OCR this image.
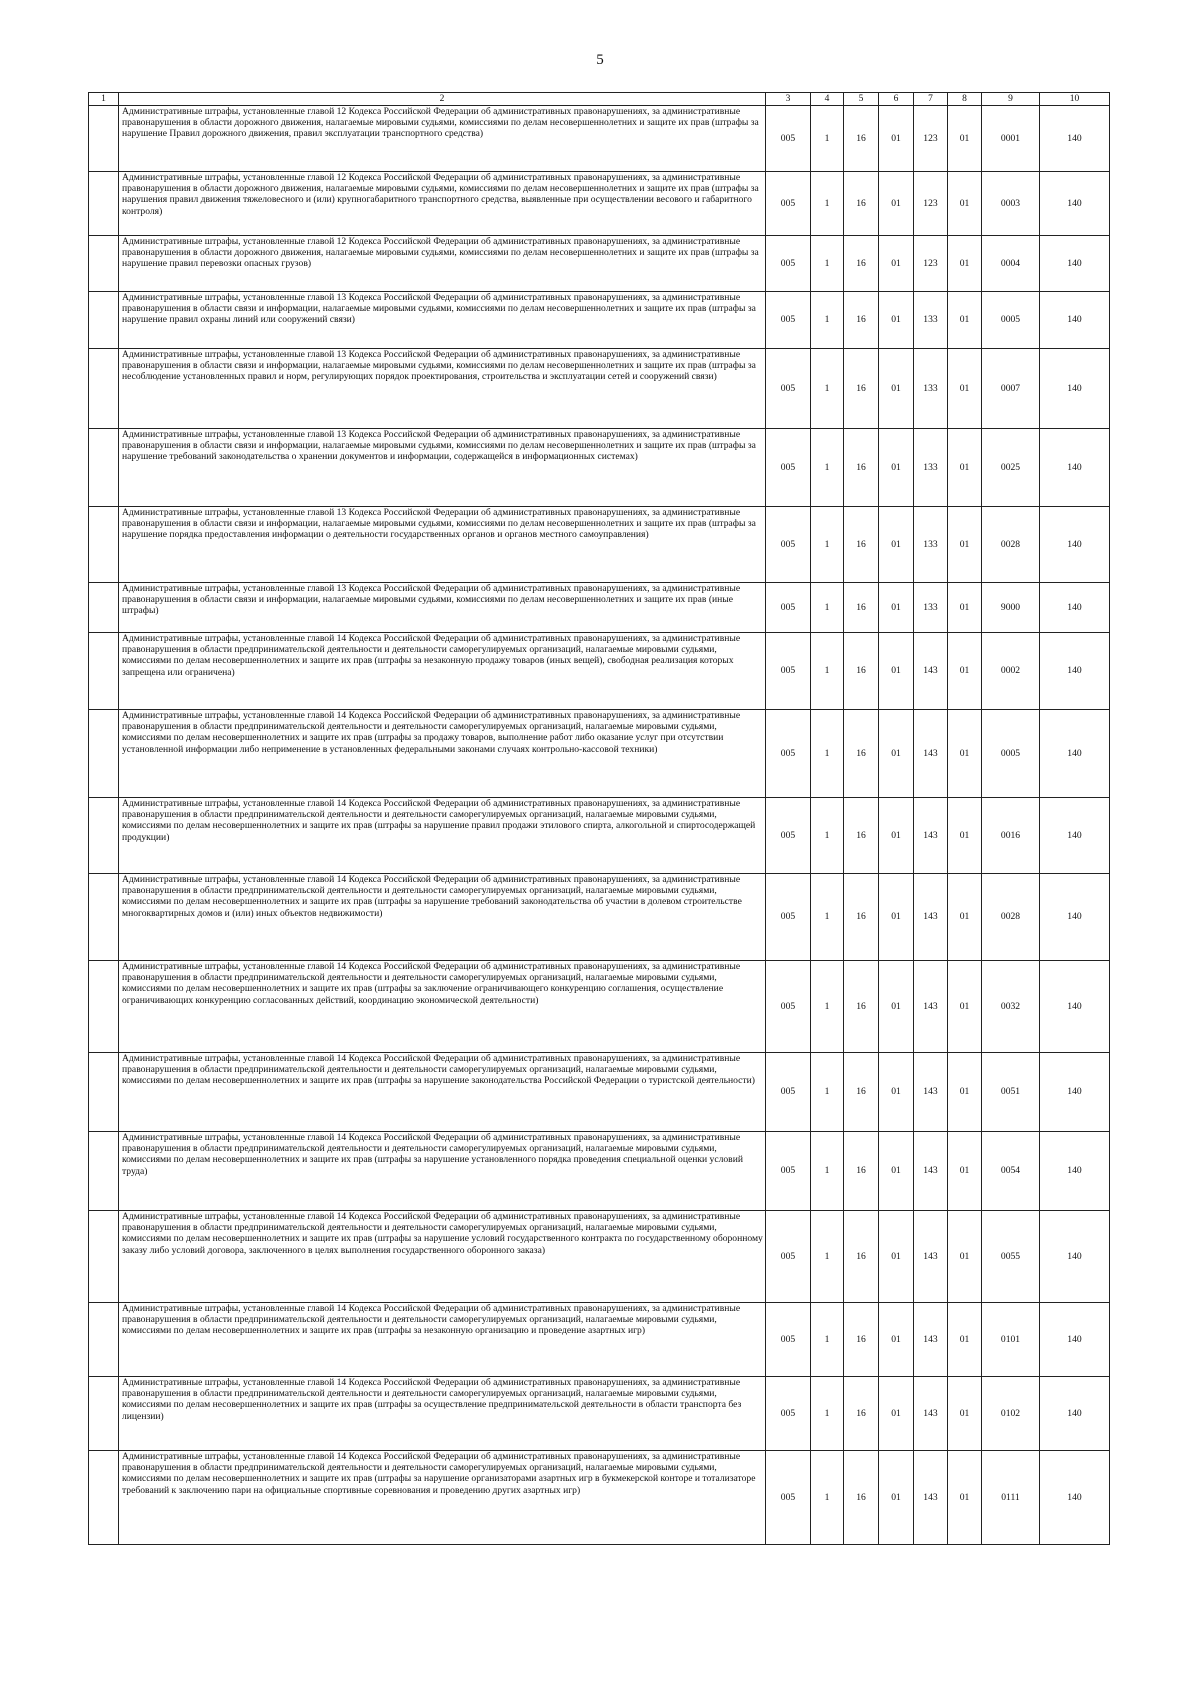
5
1	2	3	4	5	6	7	8	9	10
	Административные штрафы, установленные главой 12 Кодекса Российской Федерации об административных правонарушениях, за административные правонарушения в области дорожного движения, налагаемые мировыми судьями, комиссиями по делам несовершеннолетних и защите их прав (штрафы за нарушение Правил дорожного движения, правил эксплуатации транспортного средства)	005	1	16	01	123	01	0001	140
	Административные штрафы, установленные главой 12 Кодекса Российской Федерации об административных правонарушениях, за административные правонарушения в области дорожного движения, налагаемые мировыми судьями, комиссиями по делам несовершеннолетних и защите их прав (штрафы за нарушения правил движения тяжеловесного и (или) крупногабаритного транспортного средства, выявленные при осуществлении весового и габаритного контроля)	005	1	16	01	123	01	0003	140
	Административные штрафы, установленные главой 12 Кодекса Российской Федерации об административных правонарушениях, за административные правонарушения в области дорожного движения, налагаемые мировыми судьями, комиссиями по делам несовершеннолетних и защите их прав (штрафы за нарушение правил перевозки опасных грузов)	005	1	16	01	123	01	0004	140
	Административные штрафы, установленные главой 13 Кодекса Российской Федерации об административных правонарушениях, за административные правонарушения в области связи и информации, налагаемые мировыми судьями, комиссиями по делам несовершеннолетних и защите их прав (штрафы за нарушение правил охраны линий или сооружений связи)	005	1	16	01	133	01	0005	140
	Административные штрафы, установленные главой 13 Кодекса Российской Федерации об административных правонарушениях, за административные правонарушения в области связи и информации, налагаемые мировыми судьями, комиссиями по делам несовершеннолетних и защите их прав (штрафы за несоблюдение установленных правил и норм, регулирующих порядок проектирования, строительства и эксплуатации сетей и сооружений связи)	005	1	16	01	133	01	0007	140
	Административные штрафы, установленные главой 13 Кодекса Российской Федерации об административных правонарушениях, за административные правонарушения в области связи и информации, налагаемые мировыми судьями, комиссиями по делам несовершеннолетних и защите их прав (штрафы за нарушение требований законодательства о хранении документов и информации, содержащейся в информационных системах)	005	1	16	01	133	01	0025	140
	Административные штрафы, установленные главой 13 Кодекса Российской Федерации об административных правонарушениях, за административные правонарушения в области связи и информации, налагаемые мировыми судьями, комиссиями по делам несовершеннолетних и защите их прав (штрафы за нарушение порядка предоставления информации о деятельности государственных органов и органов местного самоуправления)	005	1	16	01	133	01	0028	140
	Административные штрафы, установленные главой 13 Кодекса Российской Федерации об административных правонарушениях, за административные правонарушения в области связи и информации, налагаемые мировыми судьями, комиссиями по делам несовершеннолетних и защите их прав (иные штрафы)	005	1	16	01	133	01	9000	140
	Административные штрафы, установленные главой 14 Кодекса Российской Федерации об административных правонарушениях, за административные правонарушения в области предпринимательской деятельности и деятельности саморегулируемых организаций, налагаемые мировыми судьями, комиссиями по делам несовершеннолетних и защите их прав (штрафы за незаконную продажу товаров (иных вещей), свободная реализация которых запрещена или ограничена)	005	1	16	01	143	01	0002	140
	Административные штрафы, установленные главой 14 Кодекса Российской Федерации об административных правонарушениях, за административные правонарушения в области предпринимательской деятельности и деятельности саморегулируемых организаций, налагаемые мировыми судьями, комиссиями по делам несовершеннолетних и защите их прав (штрафы за продажу товаров, выполнение работ либо оказание услуг при отсутствии установленной информации либо неприменение в установленных федеральными законами случаях контрольно-кассовой техники)	005	1	16	01	143	01	0005	140
	Административные штрафы, установленные главой 14 Кодекса Российской Федерации об административных правонарушениях, за административные правонарушения в области предпринимательской деятельности и деятельности саморегулируемых организаций, налагаемые мировыми судьями, комиссиями по делам несовершеннолетних и защите их прав (штрафы за нарушение правил продажи этилового спирта, алкогольной и спиртосодержащей продукции)	005	1	16	01	143	01	0016	140
	Административные штрафы, установленные главой 14 Кодекса Российской Федерации об административных правонарушениях, за административные правонарушения в области предпринимательской деятельности и деятельности саморегулируемых организаций, налагаемые мировыми судьями, комиссиями по делам несовершеннолетних и защите их прав (штрафы за нарушение требований законодательства об участии в долевом строительстве многоквартирных домов и (или) иных объектов недвижимости)	005	1	16	01	143	01	0028	140
	Административные штрафы, установленные главой 14 Кодекса Российской Федерации об административных правонарушениях, за административные правонарушения в области предпринимательской деятельности и деятельности саморегулируемых организаций, налагаемые мировыми судьями, комиссиями по делам несовершеннолетних и защите их прав (штрафы за заключение ограничивающего конкуренцию соглашения, осуществление ограничивающих конкуренцию согласованных действий, координацию экономической деятельности)	005	1	16	01	143	01	0032	140
	Административные штрафы, установленные главой 14 Кодекса Российской Федерации об административных правонарушениях, за административные правонарушения в области предпринимательской деятельности и деятельности саморегулируемых организаций, налагаемые мировыми судьями, комиссиями по делам несовершеннолетних и защите их прав (штрафы за нарушение законодательства Российской Федерации о туристской деятельности)	005	1	16	01	143	01	0051	140
	Административные штрафы, установленные главой 14 Кодекса Российской Федерации об административных правонарушениях, за административные правонарушения в области предпринимательской деятельности и деятельности саморегулируемых организаций, налагаемые мировыми судьями, комиссиями по делам несовершеннолетних и защите их прав (штрафы за нарушение установленного порядка проведения специальной оценки условий труда)	005	1	16	01	143	01	0054	140
	Административные штрафы, установленные главой 14 Кодекса Российской Федерации об административных правонарушениях, за административные правонарушения в области предпринимательской деятельности и деятельности саморегулируемых организаций, налагаемые мировыми судьями, комиссиями по делам несовершеннолетних и защите их прав (штрафы за нарушение условий государственного контракта по государственному оборонному заказу либо условий договора, заключенного в целях выполнения государственного оборонного заказа)	005	1	16	01	143	01	0055	140
	Административные штрафы, установленные главой 14 Кодекса Российской Федерации об административных правонарушениях, за административные правонарушения в области предпринимательской деятельности и деятельности саморегулируемых организаций, налагаемые мировыми судьями, комиссиями по делам несовершеннолетних и защите их прав (штрафы за незаконную организацию и проведение азартных игр)	005	1	16	01	143	01	0101	140
	Административные штрафы, установленные главой 14 Кодекса Российской Федерации об административных правонарушениях, за административные правонарушения в области предпринимательской деятельности и деятельности саморегулируемых организаций, налагаемые мировыми судьями, комиссиями по делам несовершеннолетних и защите их прав (штрафы за осуществление предпринимательской деятельности в области транспорта без лицензии)	005	1	16	01	143	01	0102	140
	Административные штрафы, установленные главой 14 Кодекса Российской Федерации об административных правонарушениях, за административные правонарушения в области предпринимательской деятельности и деятельности саморегулируемых организаций, налагаемые мировыми судьями, комиссиями по делам несовершеннолетних и защите их прав (штрафы за нарушение организаторами азартных игр в букмекерской конторе и тотализаторе требований к заключению пари на официальные спортивные соревнования и проведению других азартных игр)	005	1	16	01	143	01	0111	140
